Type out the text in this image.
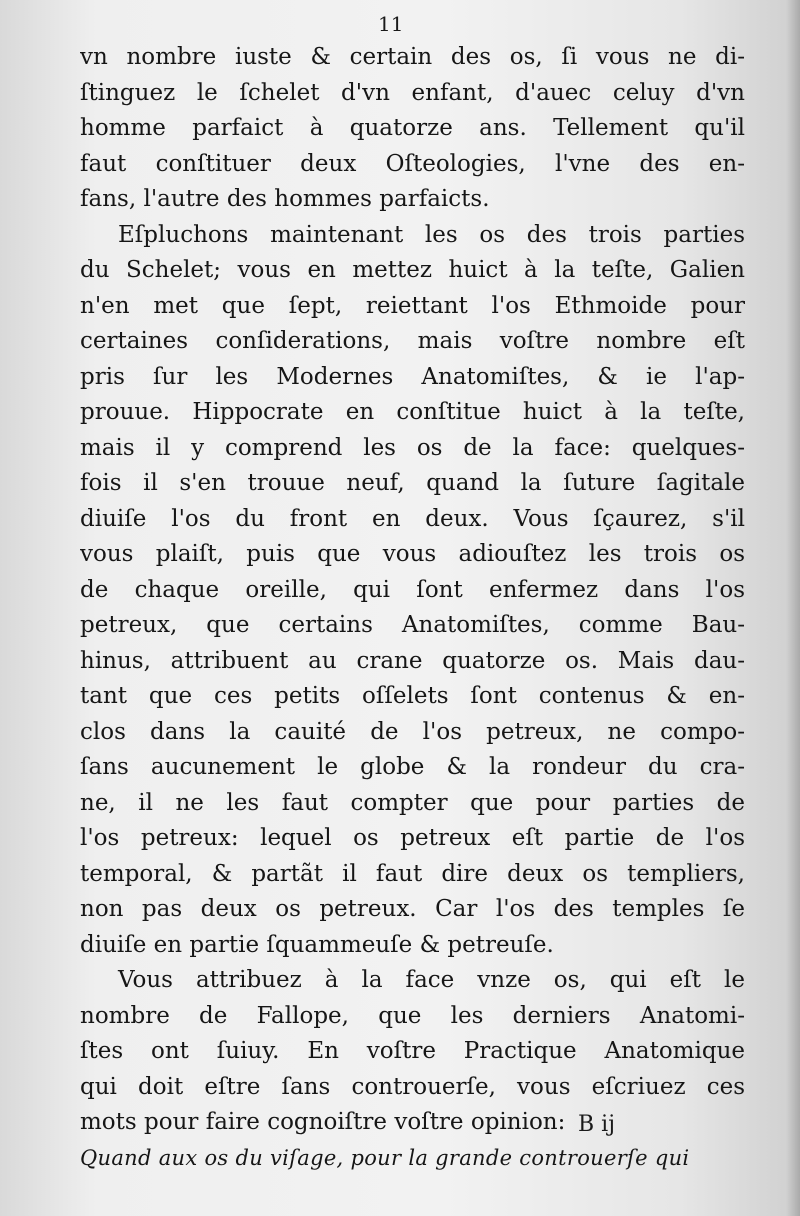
11
vn nombre iuste & certain des os, ſi vous ne di-
ſtinguez le ſchelet d'vn enfant, d'auec celuy d'vn
homme parfaict à quatorze ans. Tellement qu'il
faut conſtituer deux Oſteologies, l'vne des en-
fans, l'autre des hommes parfaicts.
Eſpluchons maintenant les os des trois parties
du Schelet; vous en mettez huict à la teſte, Galien
n'en met que ſept, reiettant l'os Ethmoide pour
certaines conſiderations, mais voſtre nombre eſt
pris ſur les Modernes Anatomiſtes, & ie l'ap-
prouue. Hippocrate en conſtitue huict à la teſte,
mais il y comprend les os de la face: quelques-
fois il s'en trouue neuf, quand la ſuture ſagitale
diuiſe l'os du front en deux. Vous ſçaurez, s'il
vous plaiſt, puis que vous adiouſtez les trois os
de chaque oreille, qui ſont enfermez dans l'os
petreux, que certains Anatomiſtes, comme Bau-
hinus, attribuent au crane quatorze os. Mais dau-
tant que ces petits oſſelets ſont contenus & en-
clos dans la cauité de l'os petreux, ne compo-
ſans aucunement le globe & la rondeur du cra-
ne, il ne les faut compter que pour parties de
l'os petreux: lequel os petreux eſt partie de l'os
temporal, & partãt il faut dire deux os templiers,
non pas deux os petreux. Car l'os des temples ſe
diuiſe en partie ſquammeuſe & petreuſe.
Vous attribuez à la face vnze os, qui eſt le
nombre de Fallope, que les derniers Anatomi-
ſtes ont ſuiuy. En voſtre Practique Anatomique
qui doit eſtre ſans controuerſe, vous eſcriuez ces
mots pour faire cognoiſtre voſtre opinion:
Quand aux os du viſage, pour la grande controuerſe qui
B ij
